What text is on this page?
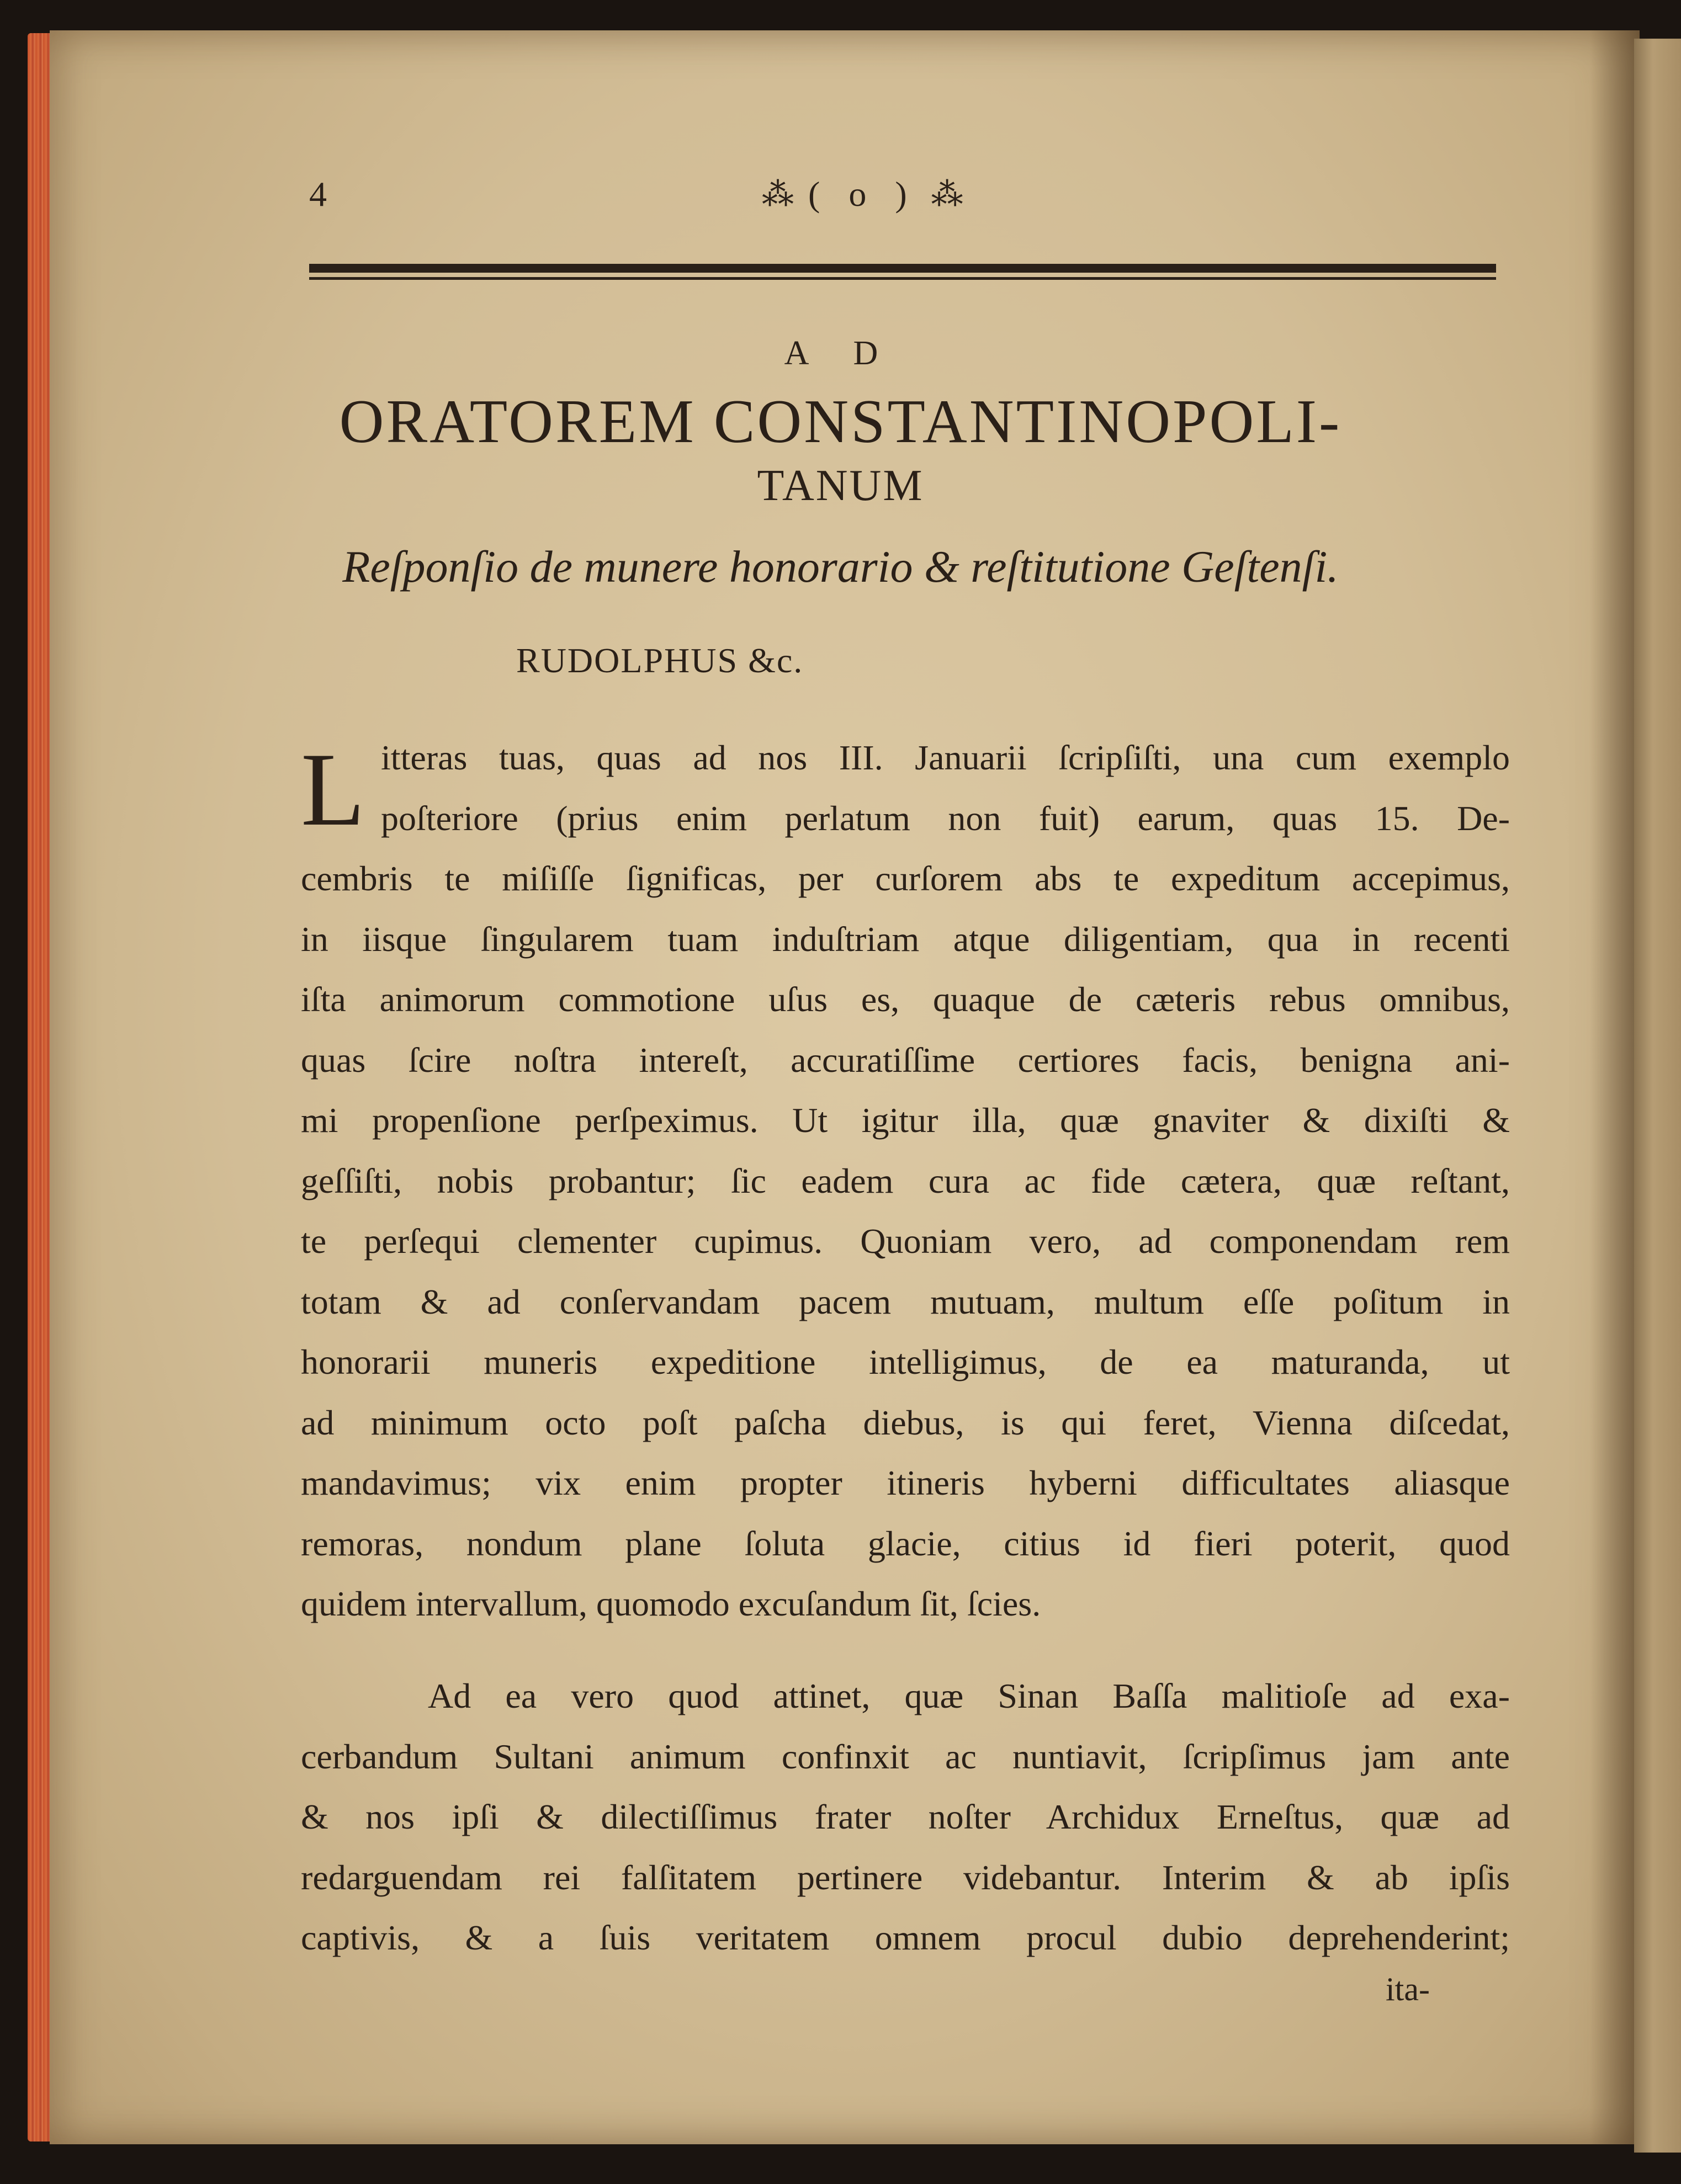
4	⁂ ( o ) ⁂
A D
ORATOREM CONSTANTINOPOLI-
TANUM
Reſponſio de munere honorario & reſtitutione Geſtenſi.
RUDOLPHUS &c.
L itteras tuas, quas ad nos III. Januarii ſcripſiſti, una cum exemplo
poſteriore (prius enim perlatum non fuit) earum, quas 15. De-
cembris te miſiſſe ſignificas, per curſorem abs te expeditum accepimus,
in iisque ſingularem tuam induſtriam atque diligentiam, qua in recenti
iſta animorum commotione uſus es, quaque de cæteris rebus omnibus,
quas ſcire noſtra intereſt, accuratiſſime certiores facis, benigna ani-
mi propenſione perſpeximus. Ut igitur illa, quæ gnaviter & dixiſti &
geſſiſti, nobis probantur; ſic eadem cura ac fide cætera, quæ reſtant,
te perſequi clementer cupimus. Quoniam vero, ad componendam rem
totam & ad conſervandam pacem mutuam, multum eſſe poſitum in
honorarii muneris expeditione intelligimus, de ea maturanda, ut
ad minimum octo poſt paſcha diebus, is qui feret, Vienna diſcedat,
mandavimus; vix enim propter itineris hyberni difficultates aliasque
remoras, nondum plane ſoluta glacie, citius id fieri poterit, quod
quidem intervallum, quomodo excuſandum ſit, ſcies.
Ad ea vero quod attinet, quæ Sinan Baſſa malitioſe ad exa-
cerbandum Sultani animum confinxit ac nuntiavit, ſcripſimus jam ante
& nos ipſi & dilectiſſimus frater noſter Archidux Erneſtus, quæ ad
redarguendam rei falſitatem pertinere videbantur. Interim & ab ipſis
captivis, & a ſuis veritatem omnem procul dubio deprehenderint;
ita-
